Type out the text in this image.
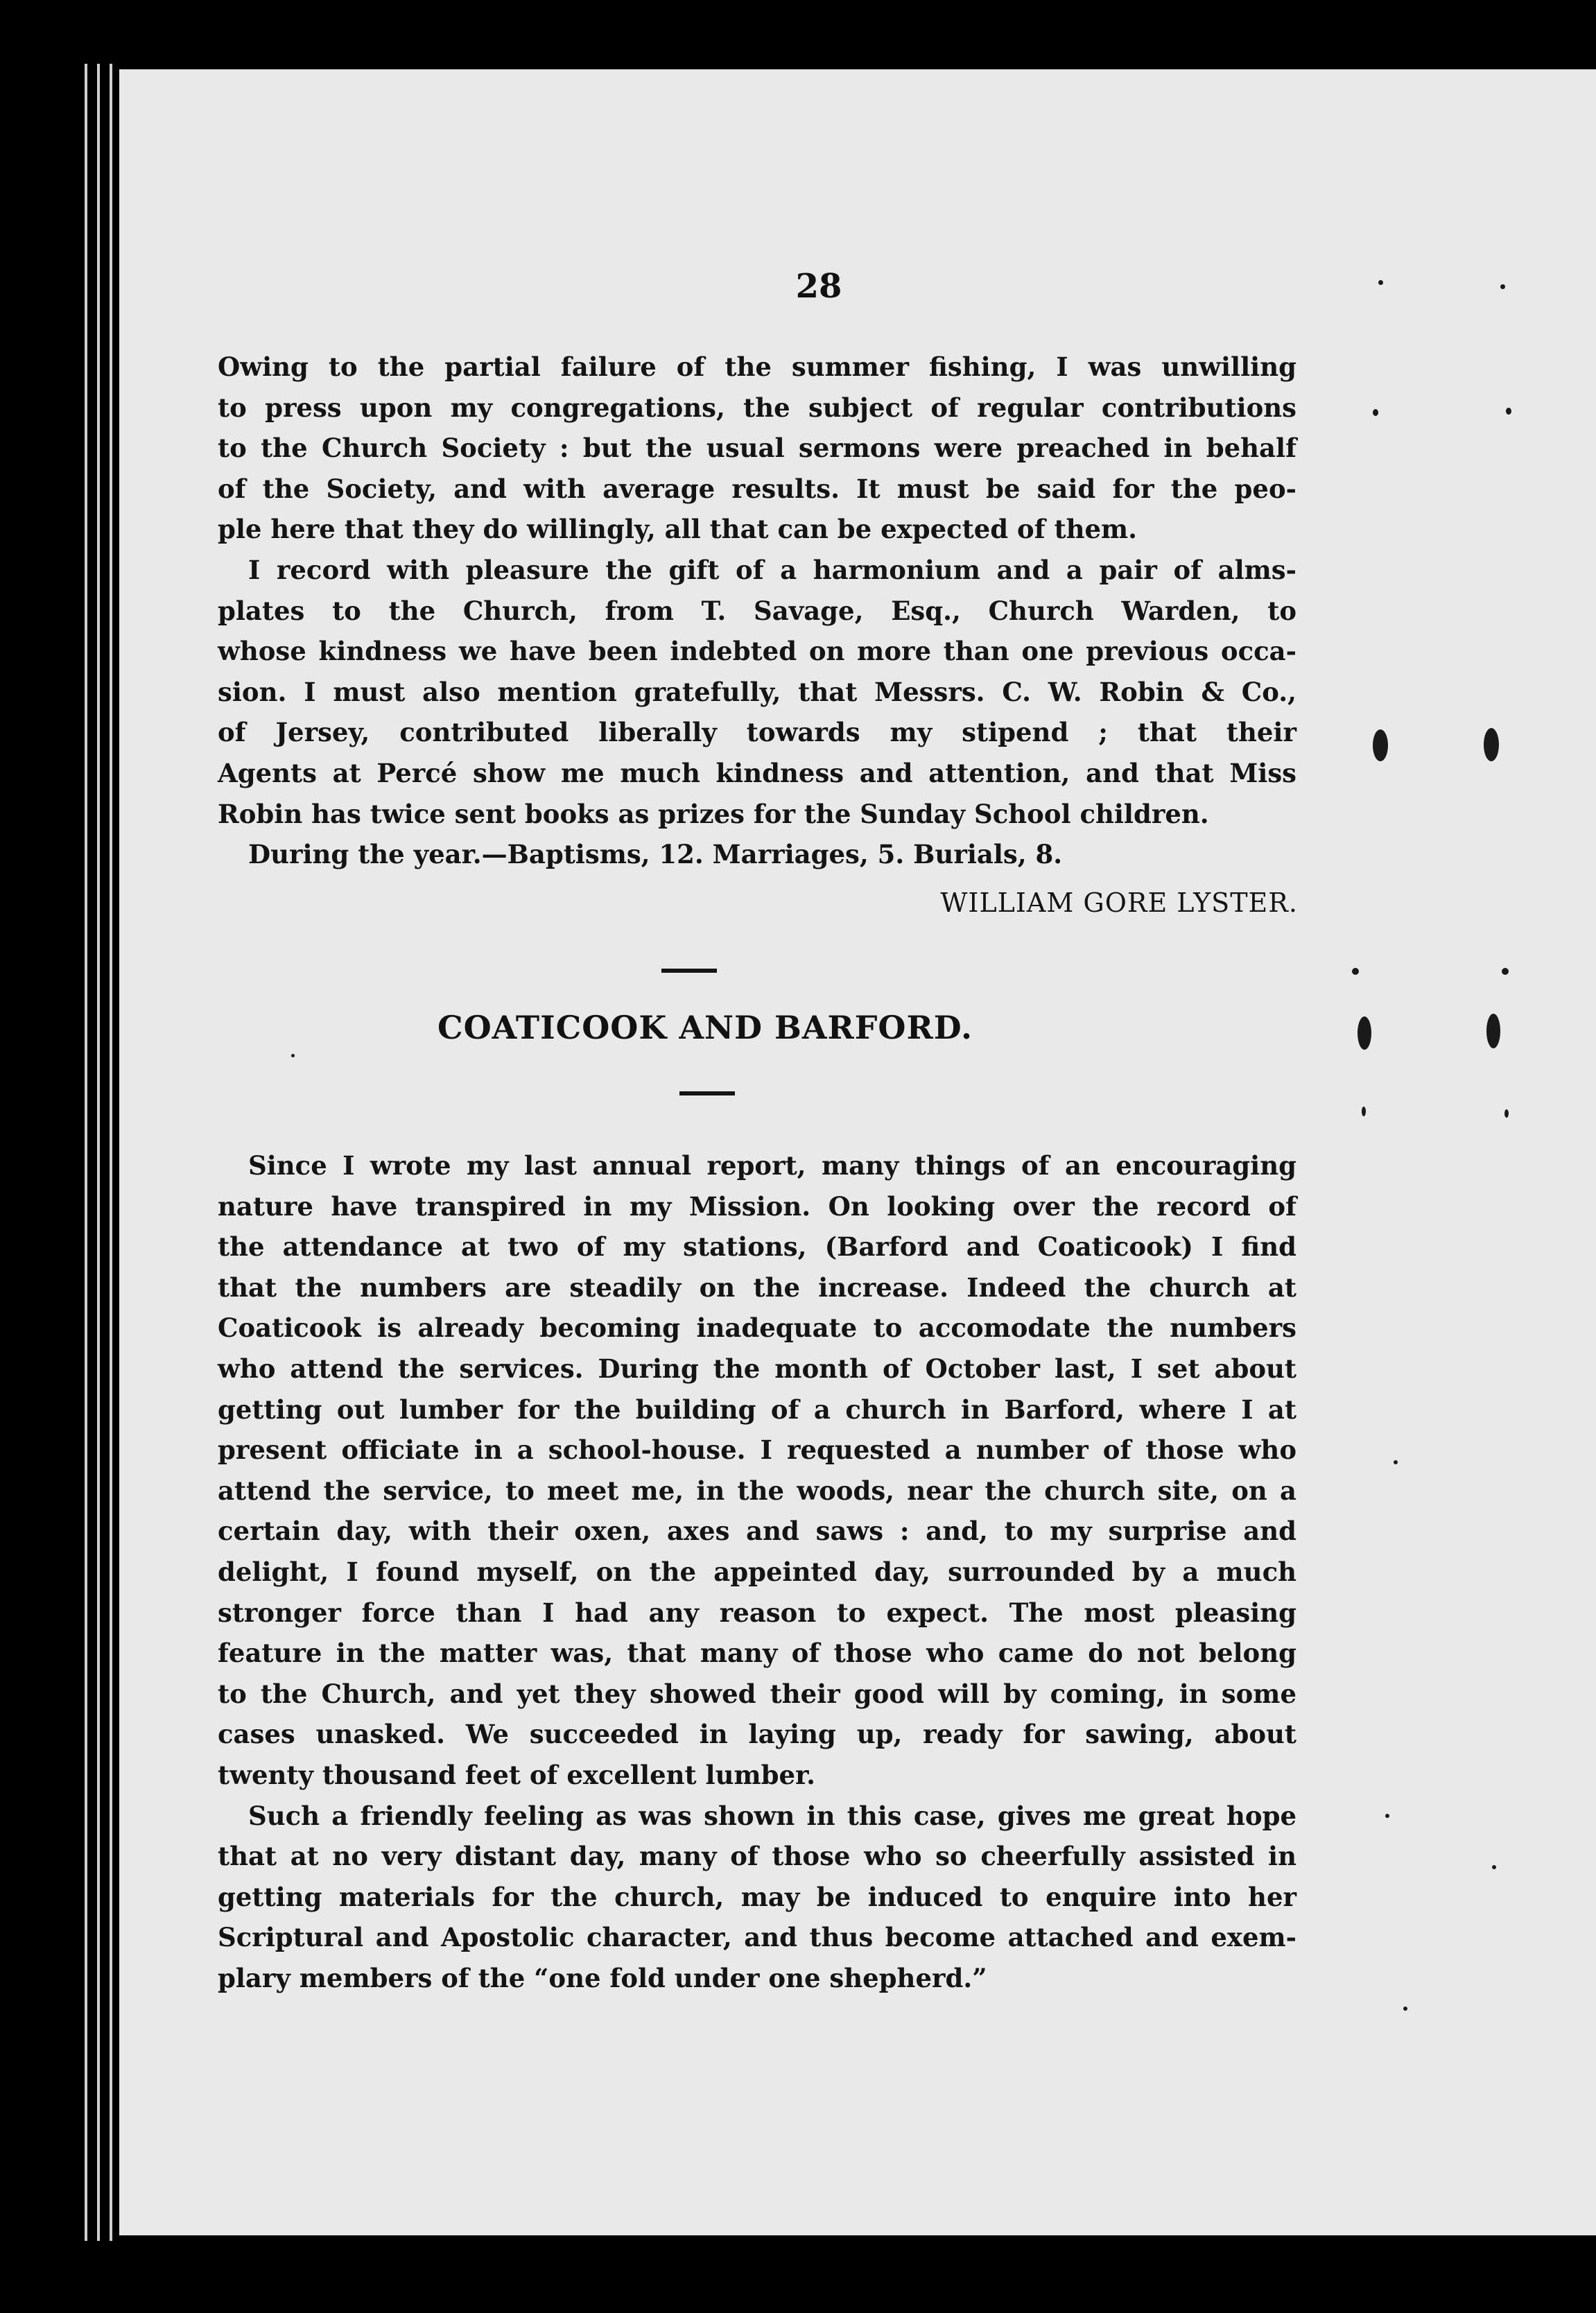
28

Owing to the partial failure of the summer fishing, I was unwilling

to press upon my congregations, the subject of regular contributions

to the Church Society : but the usual sermons were preached in behalf

of the Society, and with average results. It must be said for the peo-

ple here that they do willingly, all that can be expected of them.

I record with pleasure the gift of a harmonium and a pair of alms-

plates to the Church, from T. Savage, Esq., Church Warden, to

whose kindness we have been indebted on more than one previous occa-

sion. I must also mention gratefully, that Messrs. C. W. Robin & Co.,

of Jersey, contributed liberally towards my stipend ; that their

Agents at Percé show me much kindness and attention, and that Miss

Robin has twice sent books as prizes for the Sunday School children.

During the year.—Baptisms, 12. Marriages, 5. Burials, 8.

WILLIAM GORE LYSTER.
COATICOOK AND BARFORD.

Since I wrote my last annual report, many things of an encouraging

nature have transpired in my Mission. On looking over the record of

the attendance at two of my stations, (Barford and Coaticook) I find

that the numbers are steadily on the increase. Indeed the church at

Coaticook is already becoming inadequate to accomodate the numbers

who attend the services. During the month of October last, I set about

getting out lumber for the building of a church in Barford, where I at

present officiate in a school-house. I requested a number of those who

attend the service, to meet me, in the woods, near the church site, on a

certain day, with their oxen, axes and saws : and, to my surprise and

delight, I found myself, on the appeinted day, surrounded by a much

stronger force than I had any reason to expect. The most pleasing

feature in the matter was, that many of those who came do not belong

to the Church, and yet they showed their good will by coming, in some

cases unasked. We succeeded in laying up, ready for sawing, about

twenty thousand feet of excellent lumber.

Such a friendly feeling as was shown in this case, gives me great hope

that at no very distant day, many of those who so cheerfully assisted in

getting materials for the church, may be induced to enquire into her

Scriptural and Apostolic character, and thus become attached and exem-

plary members of the “one fold under one shepherd.”
